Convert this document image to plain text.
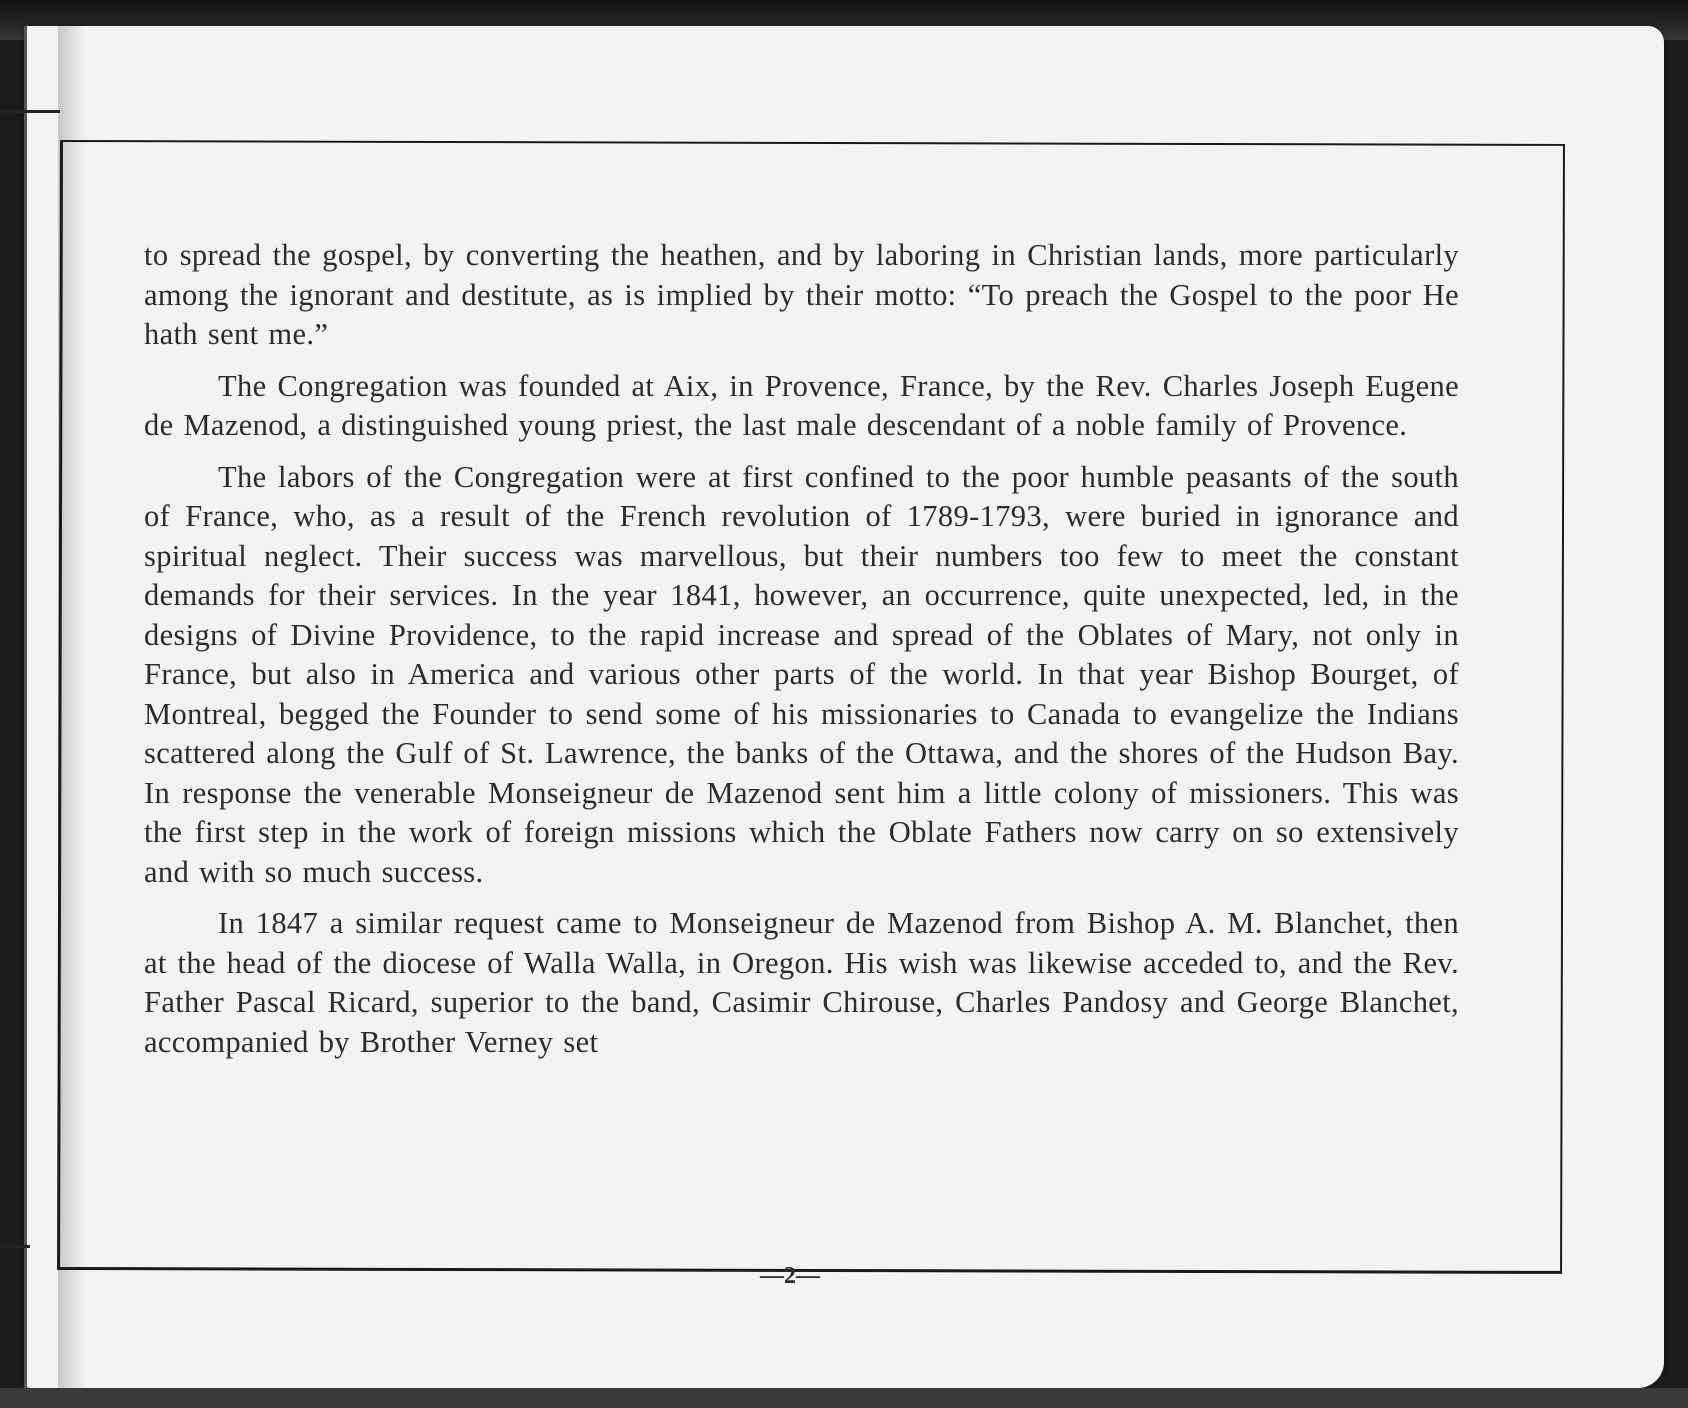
to spread the gospel, by converting the heathen, and by laboring in Christian lands, more particularly among the ignorant and destitute, as is implied by their motto: “To preach the Gospel to the poor He hath sent me.”

The Congregation was founded at Aix, in Provence, France, by the Rev. Charles Joseph Eugene de Mazenod, a distinguished young priest, the last male descendant of a noble family of Provence.

The labors of the Congregation were at first confined to the poor humble peasants of the south of France, who, as a result of the French revolution of 1789-1793, were buried in ignorance and spiritual neglect. Their success was marvellous, but their numbers too few to meet the constant demands for their services. In the year 1841, however, an occurrence, quite unexpected, led, in the designs of Divine Providence, to the rapid increase and spread of the Oblates of Mary, not only in France, but also in America and various other parts of the world. In that year Bishop Bourget, of Montreal, begged the Founder to send some of his missionaries to Canada to evangelize the Indians scattered along the Gulf of St. Lawrence, the banks of the Ottawa, and the shores of the Hudson Bay. In response the venerable Monseigneur de Mazenod sent him a little colony of missioners. This was the first step in the work of foreign missions which the Oblate Fathers now carry on so extensively and with so much success.

In 1847 a similar request came to Monseigneur de Mazenod from Bishop A. M. Blanchet, then at the head of the diocese of Walla Walla, in Oregon. His wish was likewise acceded to, and the Rev. Father Pascal Ricard, superior to the band, Casimir Chirouse, Charles Pandosy and George Blanchet, accompanied by Brother Verney set

—2—
